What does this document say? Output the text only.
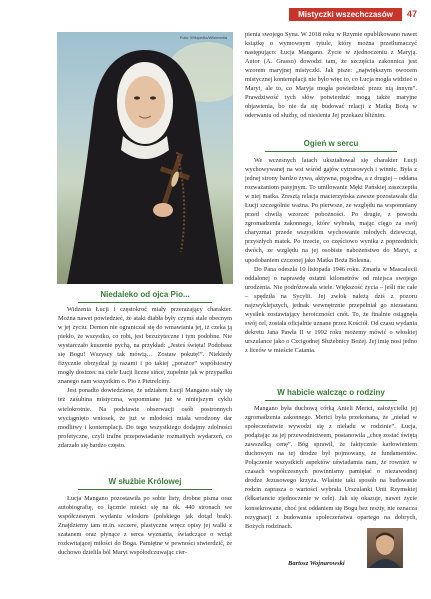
Mistyczki wszechczasów	47
Foto: Wikipedia/Wikimedia
Niedaleko od ojca Pio...

Widzenia Łucji i częstokroć miały przerażający charakter. Można nawet powiedzieć, że ataki diabła były czymś stale obecnym w jej życiu. Demon nie ograniczał się do wmawiania jej, iż czeka ją piekło, że wszystko, co robi, jest bezużyteczne i tym podobne. Nie wystarczało kuszenie pychą, na przykład: „Jesteś święta! Podobasz się Bogu! Wszyscy tak mówią… Zostaw pokutę!”. Niekiedy fizycznie obrzydzał ją razami i po takiej „porażce” współsiostry mogły dostrzec na ciele Łucji liczne sińce, zupełnie jak w przypadku znanego nam wszystkim o. Pio z Pietrelciny.

Jest ponadto dowiedzione, że udziałem Łucji Mangano stały się też zaśubina mistyczna, wspomniane już w niniejszym cyklu wielokrotnie. Na podstawie obserwacji osób postronnych wyciągnięto wniosek, że już w młodości miała wrodzony dar modlitwy i kontemplacji. Do tego wszystkiego dodajmy zdolności profetyczne, czyli trafne przepowiadanie rozmaitych wydarzeń, co zdarzało się bardzo często.

W służbie Królowej

Łucja Mangano pozostawiła po sobie listy, drobne pisma oraz autobiografię, co łącznie mieści się na ok. 440 stronach we współczesnym wydaniu włoskim (polskiego jak dotąd brak). Znajdziemy tam m.in. szczere, plastyczne wręcz opisy jej walki z szatanem oraz płynące z serca wyznania, świadczące o wciąż rozkwitającej miłości do Boga. Pamiętne w pewności stwierdzić, że duchowo dzieliła ból Maryi współodczuwając cier-

pienia swojego Syna. W 2018 roku w Rzymie opublikowano nawet książkę o wymownym tytule, który można przetłumaczyć następująco: Łucja Mangano. Życie w zjednoczeniu z Maryją. Autor (A. Grasso) dowodzi tam, że szczęścia zakonnica jest wzorem maryjnej mistyczki. Jak pisze: „największym owocem mistycznej kontemplacji nie było więc to, co Łucja mogła widzieć o Maryi, ale to, co Maryja mogła powiedzieć przez nią innym”. Prawdziwość tych słów potwierdzić mogą także maryjne objawienia, bo nie da się budować relacji z Matką Bożą w oderwaniu od służby, od niesienia Jej przekazu bliźnim.

Ogień w sercu

We wczesnych latach ukształtował się charakter Łucji wychowywanej na wsi wśród gajów cytrusowych i winnic. Była z jednej strony bardzo żywa, aktywna, pogodna, a z drugiej – oddana rozważaniom pasyjnym. To umiłowanie Męki Pańskiej zaszczepiła w niej matka. Zresztą relacja macierzyńska zawsze pozostawała dla Łucji szczególnie ważna. Po pierwsze, ze względu na wspomniany przed chwilą wzorzec pobożności. Po drugie, z powodu zgromadzenia zakonnego, które wybrała, mając cięgo za swój charyzmat przede wszystkim wychowanie młodych dziewcząt, przyszłych matek. Po trzecie, co częściowo wynika z poprzednich dwóch, ze względu na jej osobiste nabożeństwo do Maryi, z upodobaniem czczonej jako Matka Boża Bolesna.

Do Pana odeszła 10 listopada 1946 roku. Zmarła w Mascalucii oddalonej o naprawdę ostatni kilometrów od miejsca swojego urodzenia. Nie podróżowała wiele. Większość życia – jeśli nie całe – spędziła na Sycylii. Jej zwłok należą dziś z pozoru najzwyklejszych, jednak wewnętrznie przepełniał go niezastanu wysiłek zostawiający heroiczności cnót. To, że finalnie osiągnęła swój cel, została oficjalnie uznane przez Kościół. Od czasu wydania dekretu Jana Pawła II w 1992 roku możemy mówić o włoskiej urszulance jako o Czcigodnej Służebnicy Bożej. Jej imię nosi jedno z liceów w mieście Catania.

W habicie walcząc o rodziny

Mangano była duchową córką Anieli Merici, założycielki jej zgromadzenia zakonnego. Merici była przekonana, że „nieład w społeczeństwie wywodzi się z nieładu w rodzinie”. Łucja, podążając za jej przewodnictwem, postanowiła „chcę zostać świętą zawszelką cenę”. Bóg sprawił, że faktycznie karłowieniem duchowym na tej drodze był pojmowany, że fundamentów. Połączenie wszystkich aspektów uświadamia nam, że rownież w czasach współczesnych powinnismy pamiętać o niezawodnej drodze Jezusowego krzyża. Właśnie taki sposób na budowanie rodzin zaprasza o wartości wybrała Urszulanki Unii Rzymskiej (kłkariancie zjednoczenie w cele). Jak się okazuje, nawet życie konsekrowane, choć jest oddaniem się Bogu bez reszty, nie oznacza rezygnacji z budowania społeczeństwa opartego na dobrych, Bożych rodzinach.

Bartosz Wojnarowski
